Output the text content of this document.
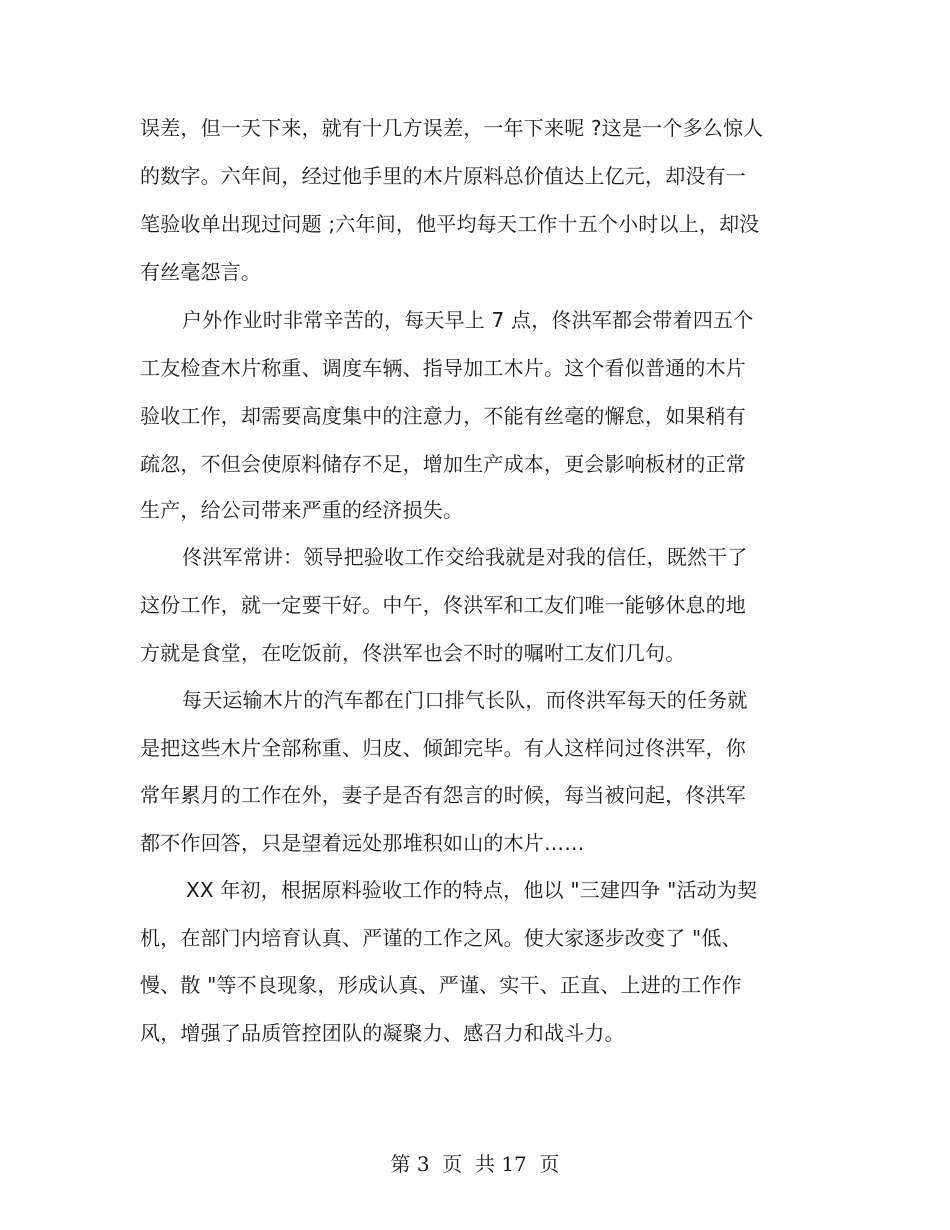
误差，但一天下来，就有十几方误差，一年下来呢 ?这是一个多么惊人
的数字。六年间，经过他手里的木片原料总价值达上亿元，却没有一
笔验收单出现过问题 ;六年间，他平均每天工作十五个小时以上，却没
有丝毫怨言。
户外作业时非常辛苦的，每天早上 7 点，佟洪军都会带着四五个
工友检查木片称重、调度车辆、指导加工木片。这个看似普通的木片
验收工作，却需要高度集中的注意力，不能有丝毫的懈怠，如果稍有
疏忽，不但会使原料储存不足，增加生产成本，更会影响板材的正常
生产，给公司带来严重的经济损失。
佟洪军常讲：领导把验收工作交给我就是对我的信任，既然干了
这份工作，就一定要干好。中午，佟洪军和工友们唯一能够休息的地
方就是食堂，在吃饭前，佟洪军也会不时的嘱咐工友们几句。
每天运输木片的汽车都在门口排气长队，而佟洪军每天的任务就
是把这些木片全部称重、归皮、倾卸完毕。有人这样问过佟洪军，你
常年累月的工作在外，妻子是否有怨言的时候，每当被问起，佟洪军
都不作回答，只是望着远处那堆积如山的木片……
XX 年初，根据原料验收工作的特点，他以 "三建四争 "活动为契
机，在部门内培育认真、严谨的工作之风。使大家逐步改变了 "低、
慢、散 "等不良现象，形成认真、严谨、实干、正直、上进的工作作
风，增强了品质管控团队的凝聚力、感召力和战斗力。
第 3  页  共 17  页
